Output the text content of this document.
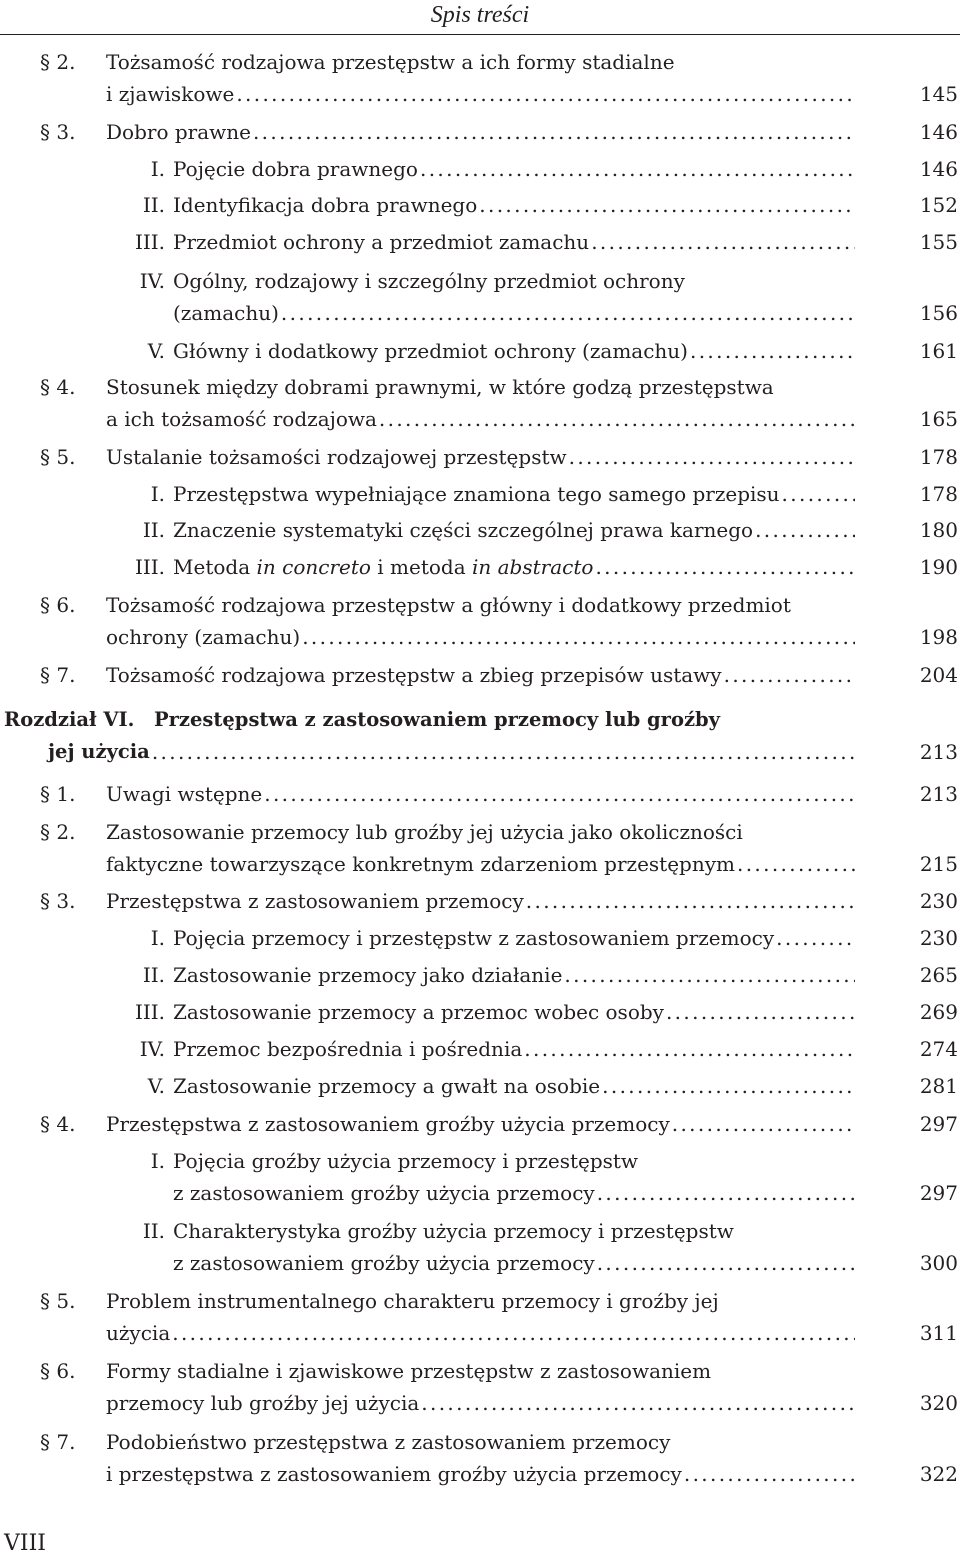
Spis treści
§ 2.	Tożsamość rodzajowa przestępstw a ich formy stadialne
i zjawiskowe . . .	145
§ 3.	Dobro prawne . . .	146
I. Pojęcie dobra prawnego . . .	146
II. Identyfikacja dobra prawnego . . .	152
III. Przedmiot ochrony a przedmiot zamachu . . .	155
IV. Ogólny, rodzajowy i szczególny przedmiot ochrony
(zamachu) . . .	156
V. Główny i dodatkowy przedmiot ochrony (zamachu) . . .	161
§ 4.	Stosunek między dobrami prawnymi, w które godzą przestępstwa
a ich tożsamość rodzajowa . . .	165
§ 5.	Ustalanie tożsamości rodzajowej przestępstw . . .	178
I. Przestępstwa wypełniające znamiona tego samego przepisu . . .	178
II. Znaczenie systematyki części szczególnej prawa karnego . . .	180
III. Metoda in concreto i metoda in abstracto . . .	190
§ 6.	Tożsamość rodzajowa przestępstw a główny i dodatkowy przedmiot
ochrony (zamachu) . . .	198
§ 7.	Tożsamość rodzajowa przestępstw a zbieg przepisów ustawy . . .	204
Rozdział VI. Przestępstwa z zastosowaniem przemocy lub groźby
jej użycia . . .	213
§ 1.	Uwagi wstępne . . .	213
§ 2.	Zastosowanie przemocy lub groźby jej użycia jako okoliczności
faktyczne towarzyszące konkretnym zdarzeniom przestępnym . . .	215
§ 3.	Przestępstwa z zastosowaniem przemocy . . .	230
I. Pojęcia przemocy i przestępstw z zastosowaniem przemocy . . .	230
II. Zastosowanie przemocy jako działanie . . .	265
III. Zastosowanie przemocy a przemoc wobec osoby . . .	269
IV. Przemoc bezpośrednia i pośrednia . . .	274
V. Zastosowanie przemocy a gwałt na osobie . . .	281
§ 4.	Przestępstwa z zastosowaniem groźby użycia przemocy . . .	297
I. Pojęcia groźby użycia przemocy i przestępstw
z zastosowaniem groźby użycia przemocy . . .	297
II. Charakterystyka groźby użycia przemocy i przestępstw
z zastosowaniem groźby użycia przemocy . . .	300
§ 5.	Problem instrumentalnego charakteru przemocy i groźby jej
użycia . . .	311
§ 6.	Formy stadialne i zjawiskowe przestępstw z zastosowaniem
przemocy lub groźby jej użycia . . .	320
§ 7.	Podobieństwo przestępstwa z zastosowaniem przemocy
i przestępstwa z zastosowaniem groźby użycia przemocy . . .	322
VIII
